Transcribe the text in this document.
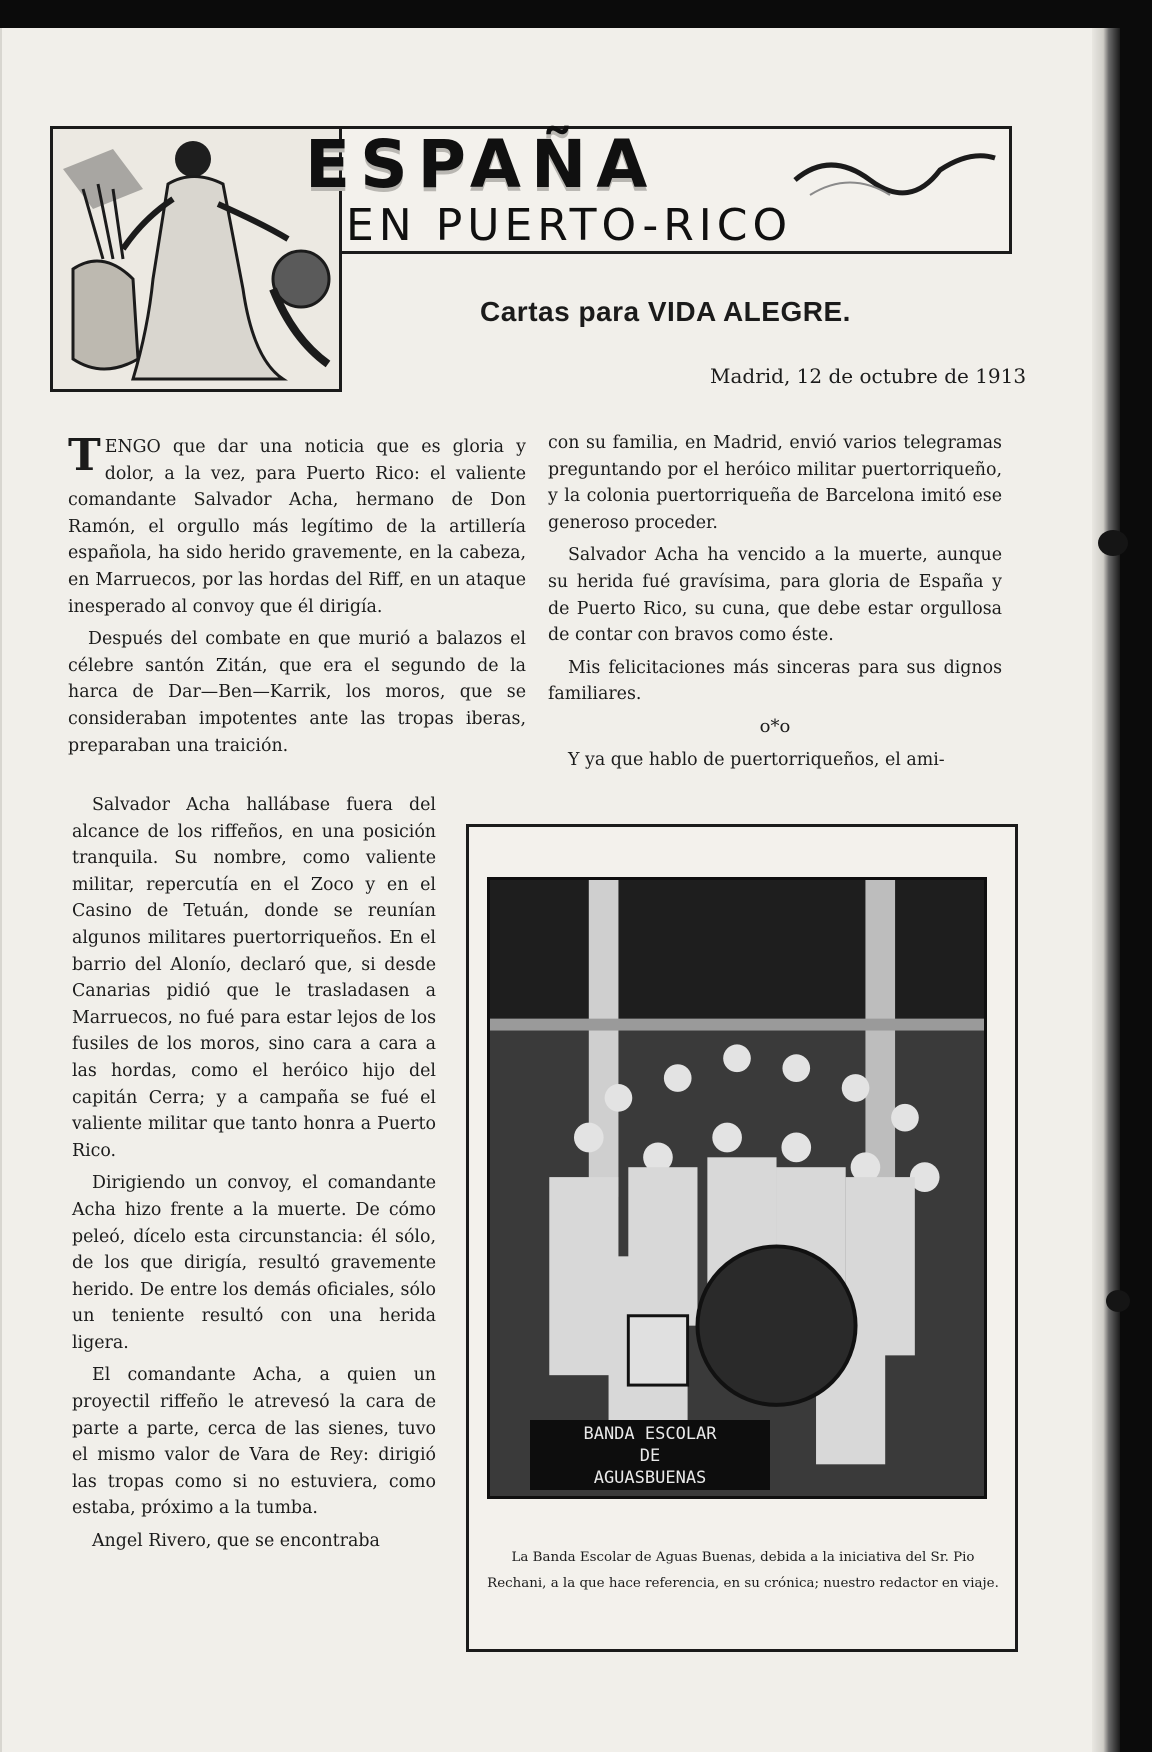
ESPAÑA
EN PUERTO-RICO
Cartas para VIDA ALEGRE.
Madrid, 12 de octubre de 1913

TENGO que dar una noticia que es gloria y dolor, a la vez, para Puerto Rico: el valiente comandante Salvador Acha, hermano de Don Ramón, el orgullo más legítimo de la artillería española, ha sido herido gravemente, en la cabeza, en Marruecos, por las hordas del Riff, en un ataque inesperado al convoy que él dirigía.

Después del combate en que murió a balazos el célebre santón Zitán, que era el segundo de la harca de Dar—Ben—Karrik, los moros, que se consideraban impotentes ante las tropas iberas, preparaban una traición.

Salvador Acha hallábase fuera del alcance de los riffeños, en una posición tranquila. Su nombre, como valiente militar, repercutía en el Zoco y en el Casino de Tetuán, donde se reunían algunos militares puertorriqueños. En el barrio del Alonío, declaró que, si desde Canarias pidió que le trasladasen a Marruecos, no fué para estar lejos de los fusiles de los moros, sino cara a cara a las hordas, como el heróico hijo del capitán Cerra; y a campaña se fué el valiente militar que tanto honra a Puerto Rico.

Dirigiendo un convoy, el comandante Acha hizo frente a la muerte. De cómo peleó, dícelo esta circunstancia: él sólo, de los que dirigía, resultó gravemente herido. De entre los demás oficiales, sólo un teniente resultó con una herida ligera.

El comandante Acha, a quien un proyectil riffeño le atrevesó la cara de parte a parte, cerca de las sienes, tuvo el mismo valor de Vara de Rey: dirigió las tropas como si no estuviera, como estaba, próximo a la tumba.

Angel Rivero, que se encontraba

con su familia, en Madrid, envió varios telegramas preguntando por el heróico militar puertorriqueño, y la colonia puertorriqueña de Barcelona imitó ese generoso proceder.

Salvador Acha ha vencido a la muerte, aunque su herida fué gravísima, para gloria de España y de Puerto Rico, su cuna, que debe estar orgullosa de contar con bravos como éste.

Mis felicitaciones más sinceras para sus dignos familiares.

o*o

Y ya que hablo de puertorriqueños, el ami-

BANDA ESCOLAR
DE
AGUASBUENAS
La Banda Escolar de Aguas Buenas, debida a la iniciativa del Sr. Pio Rechani, a la que hace referencia, en su crónica; nuestro redactor en viaje.
